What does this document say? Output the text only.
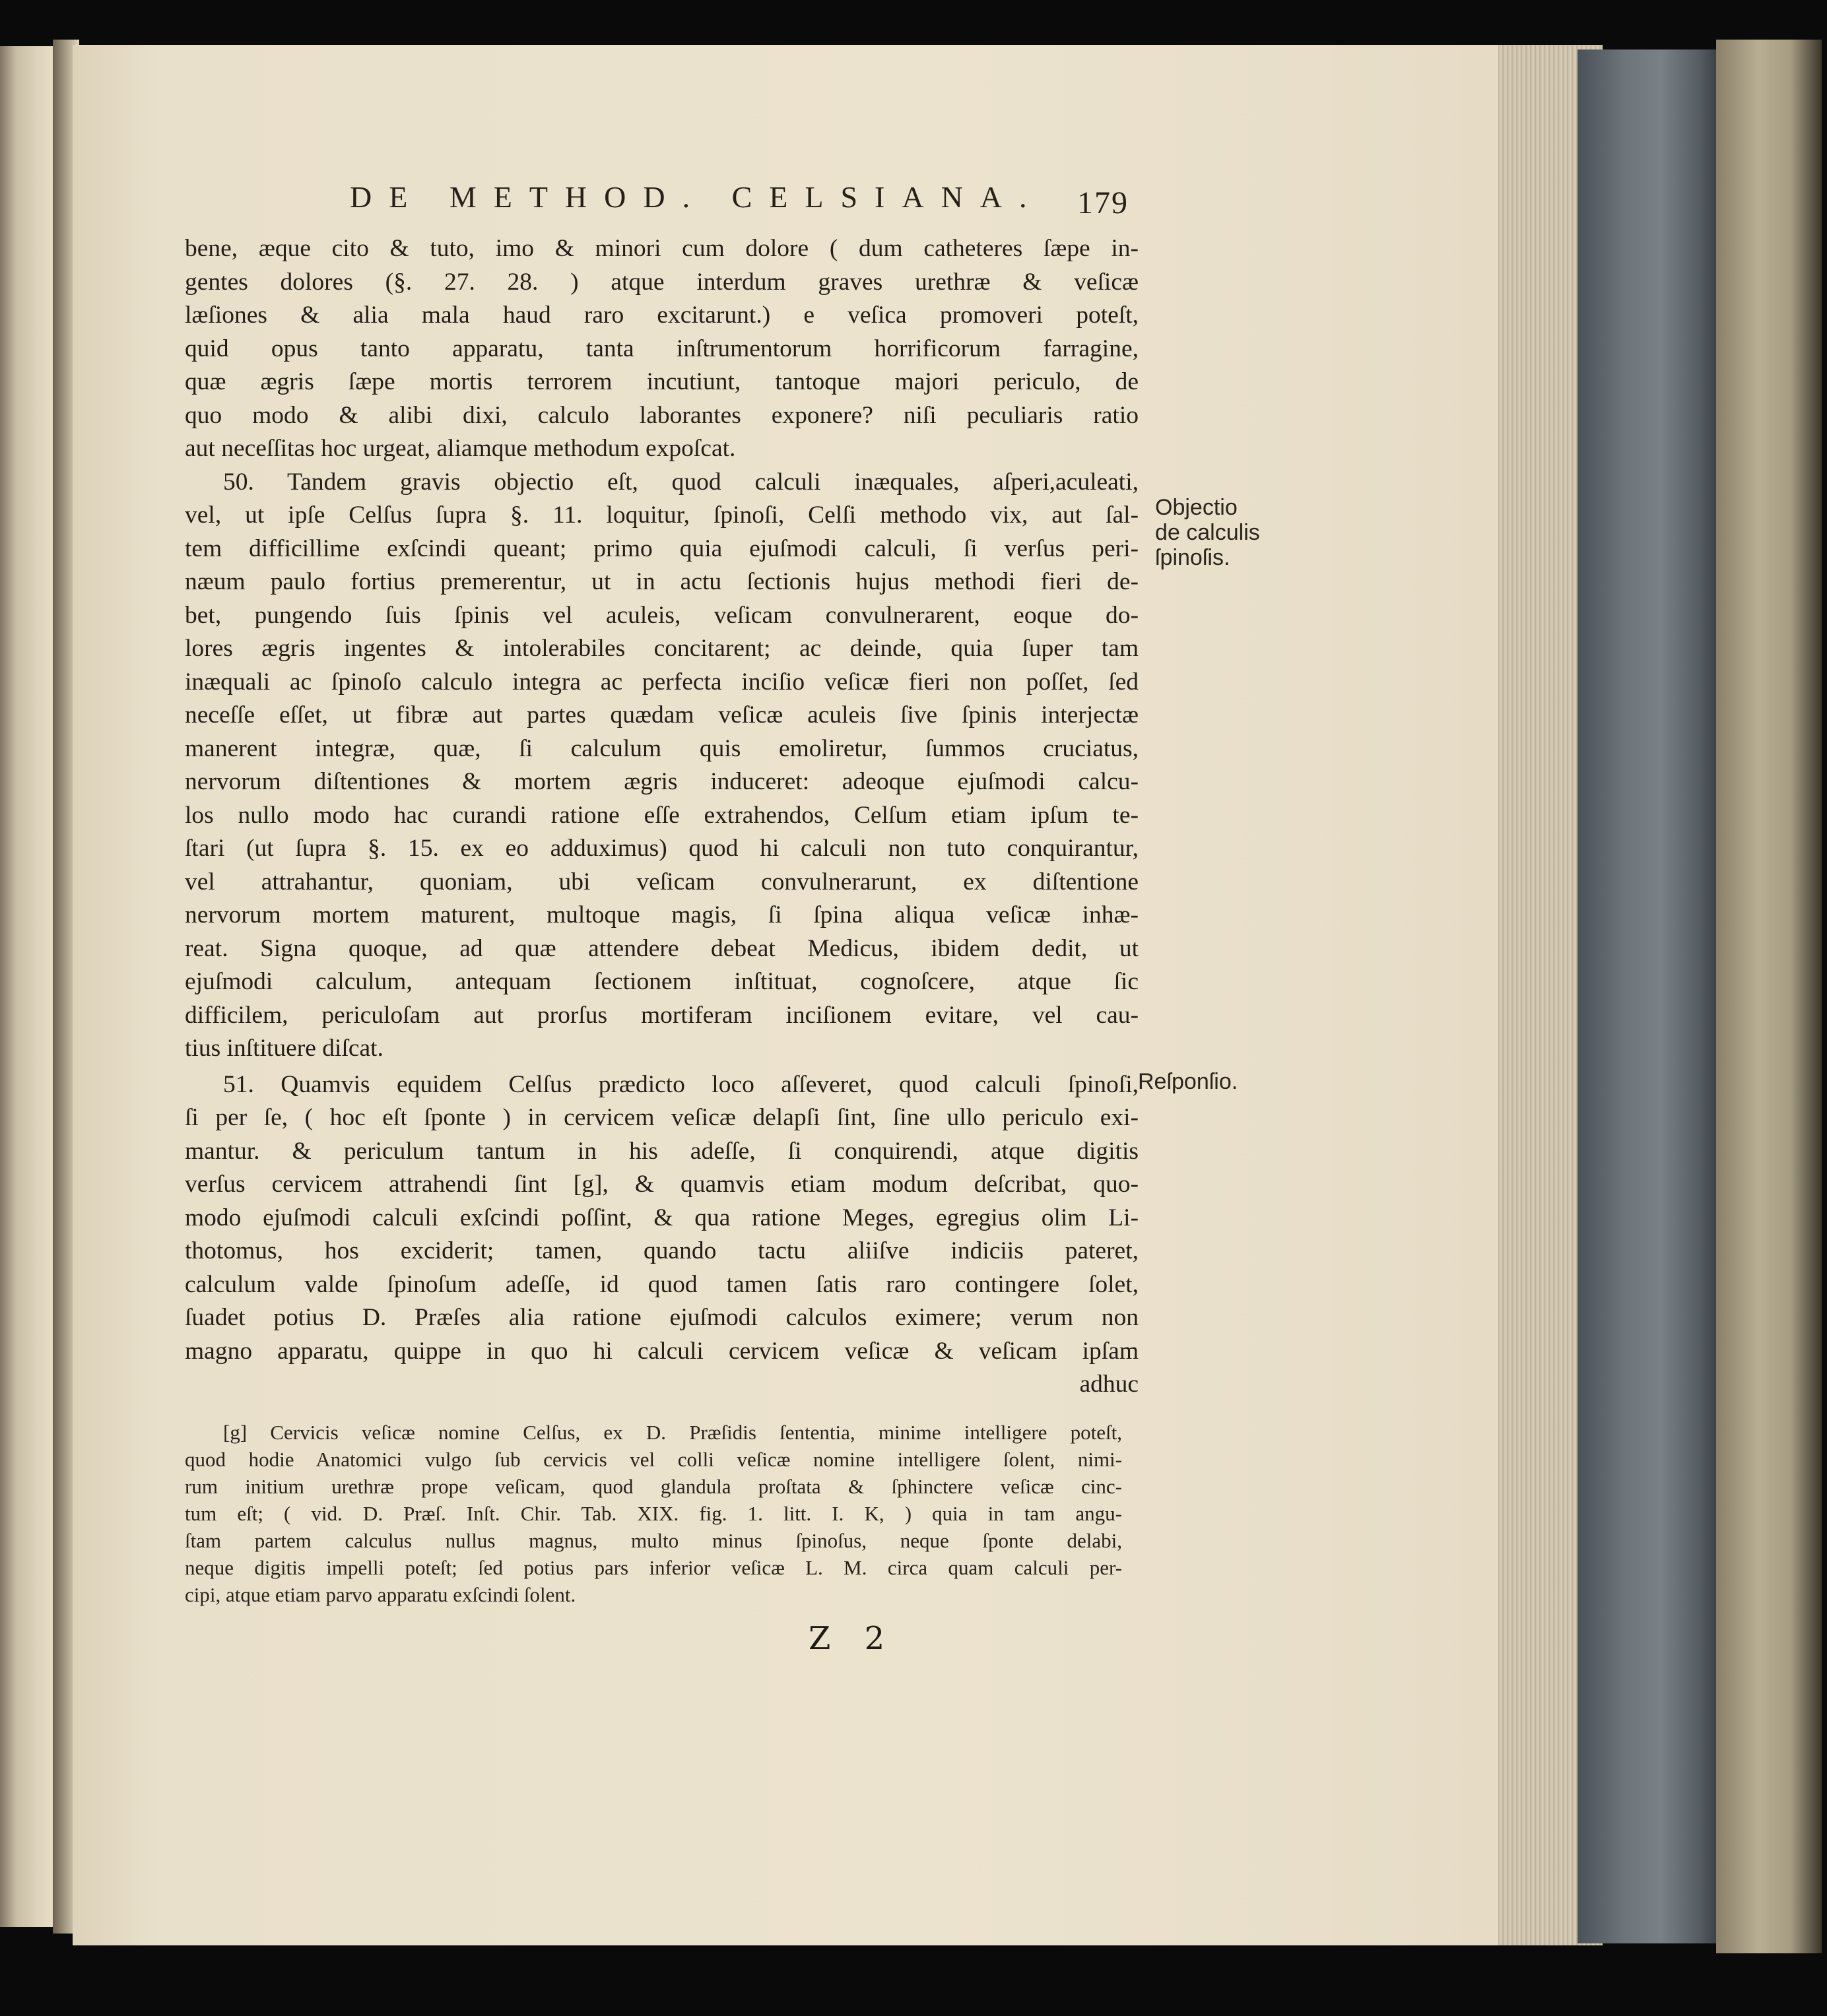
DE METHOD. CELSIANA. 179
bene, æque cito & tuto, imo & minori cum dolore ( dum catheteres ſæpe in-
gentes dolores (§. 27. 28. ) atque interdum graves urethræ & veſicæ
læſiones & alia mala haud raro excitarunt.) e veſica promoveri poteſt,
quid opus tanto apparatu, tanta inſtrumentorum horrificorum farragine,
quæ ægris ſæpe mortis terrorem incutiunt, tantoque majori periculo, de
quo modo & alibi dixi, calculo laborantes exponere? niſi peculiaris ratio
aut neceſſitas hoc urgeat, aliamque methodum expoſcat.
50. Tandem gravis objectio eſt, quod calculi inæquales, aſperi,aculeati,
vel, ut ipſe Celſus ſupra §. 11. loquitur, ſpinoſi, Celſi methodo vix, aut ſal-
tem difficillime exſcindi queant; primo quia ejuſmodi calculi, ſi verſus peri-
næum paulo fortius premerentur, ut in actu ſectionis hujus methodi fieri de-
bet, pungendo ſuis ſpinis vel aculeis, veſicam convulnerarent, eoque do-
lores ægris ingentes & intolerabiles concitarent; ac deinde, quia ſuper tam
inæquali ac ſpinoſo calculo integra ac perfecta inciſio veſicæ fieri non poſſet, ſed
neceſſe eſſet, ut fibræ aut partes quædam veſicæ aculeis ſive ſpinis interjectæ
manerent integræ, quæ, ſi calculum quis emoliretur, ſummos cruciatus,
nervorum diſtentiones & mortem ægris induceret: adeoque ejuſmodi calcu-
los nullo modo hac curandi ratione eſſe extrahendos, Celſum etiam ipſum te-
ſtari (ut ſupra §. 15. ex eo adduximus) quod hi calculi non tuto conquirantur,
vel attrahantur, quoniam, ubi veſicam convulnerarunt, ex diſtentione
nervorum mortem maturent, multoque magis, ſi ſpina aliqua veſicæ inhæ-
reat. Signa quoque, ad quæ attendere debeat Medicus, ibidem dedit, ut
ejuſmodi calculum, antequam ſectionem inſtituat, cognoſcere, atque ſic
difficilem, periculoſam aut prorſus mortiferam inciſionem evitare, vel cau-
tius inſtituere diſcat.
51. Quamvis equidem Celſus prædicto loco aſſeveret, quod calculi ſpinoſi,
ſi per ſe, ( hoc eſt ſponte ) in cervicem veſicæ delapſi ſint, ſine ullo periculo exi-
mantur. & periculum tantum in his adeſſe, ſi conquirendi, atque digitis
verſus cervicem attrahendi ſint [g], & quamvis etiam modum deſcribat, quo-
modo ejuſmodi calculi exſcindi poſſint, & qua ratione Meges, egregius olim Li-
thotomus, hos exciderit; tamen, quando tactu aliiſve indiciis pateret,
calculum valde ſpinoſum adeſſe, id quod tamen ſatis raro contingere ſolet,
ſuadet potius D. Præſes alia ratione ejuſmodi calculos eximere; verum non
magno apparatu, quippe in quo hi calculi cervicem veſicæ & veſicam ipſam
adhuc
Objectio de calculis ſpinoſis.
Reſponſio.
[g] Cervicis veſicæ nomine Celſus, ex D. Præſidis ſententia, minime intelligere poteſt,
quod hodie Anatomici vulgo ſub cervicis vel colli veſicæ nomine intelligere ſolent, nimi-
rum initium urethræ prope veſicam, quod glandula proſtata & ſphinctere veſicæ cinc-
tum eſt; ( vid. D. Præſ. Inſt. Chir. Tab. XIX. fig. 1. litt. I. K, ) quia in tam angu-
ſtam partem calculus nullus magnus, multo minus ſpinoſus, neque ſponte delabi,
neque digitis impelli poteſt; ſed potius pars inferior veſicæ L. M. circa quam calculi per-
cipi, atque etiam parvo apparatu exſcindi ſolent.
Z 2
